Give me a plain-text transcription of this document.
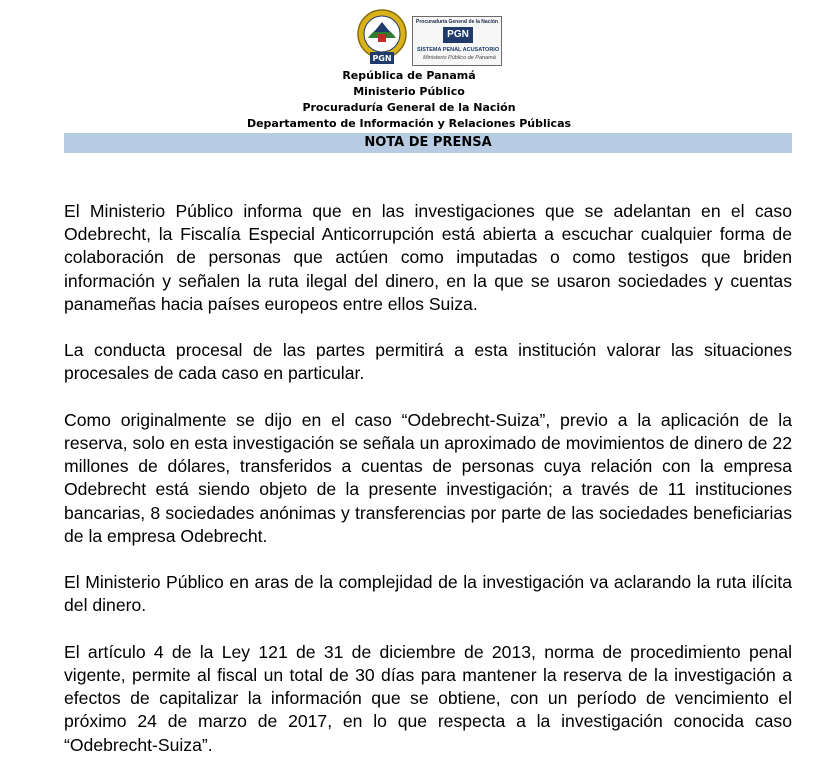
PGN
Procuraduría General de la Nación
PGN
SISTEMA PENAL ACUSATORIO
Ministerio Público de Panamá
República de Panamá
Ministerio Público
Procuraduría General de la Nación
Departamento de Información y Relaciones Públicas
NOTA DE PRENSA

El Ministerio Público informa que en las investigaciones que se adelantan en el caso Odebrecht, la Fiscalía Especial Anticorrupción está abierta a escuchar cualquier forma de colaboración de personas que actúen como imputadas o como testigos que briden información y señalen la ruta ilegal del dinero, en la que se usaron sociedades y cuentas panameñas hacia países europeos entre ellos Suiza.

La conducta procesal de las partes permitirá a esta institución valorar las situaciones procesales de cada caso en particular.

Como originalmente se dijo en el caso “Odebrecht-Suiza”, previo a la aplicación de la reserva, solo en esta investigación se señala un aproximado de movimientos de dinero de 22 millones de dólares, transferidos a cuentas de personas cuya relación con la empresa Odebrecht está siendo objeto de la presente investigación; a través de 11 instituciones bancarias, 8 sociedades anónimas y transferencias por parte de las sociedades beneficiarias de la empresa Odebrecht.

El Ministerio Público en aras de la complejidad de la investigación va aclarando la ruta ilícita del dinero.

El artículo 4 de la Ley 121 de 31 de diciembre de 2013, norma de procedimiento penal vigente, permite al fiscal un total de 30 días para mantener la reserva de la investigación a efectos de capitalizar la información que se obtiene, con un período de vencimiento el próximo 24 de marzo de 2017, en lo que respecta a la investigación conocida caso “Odebrecht-Suiza”.
